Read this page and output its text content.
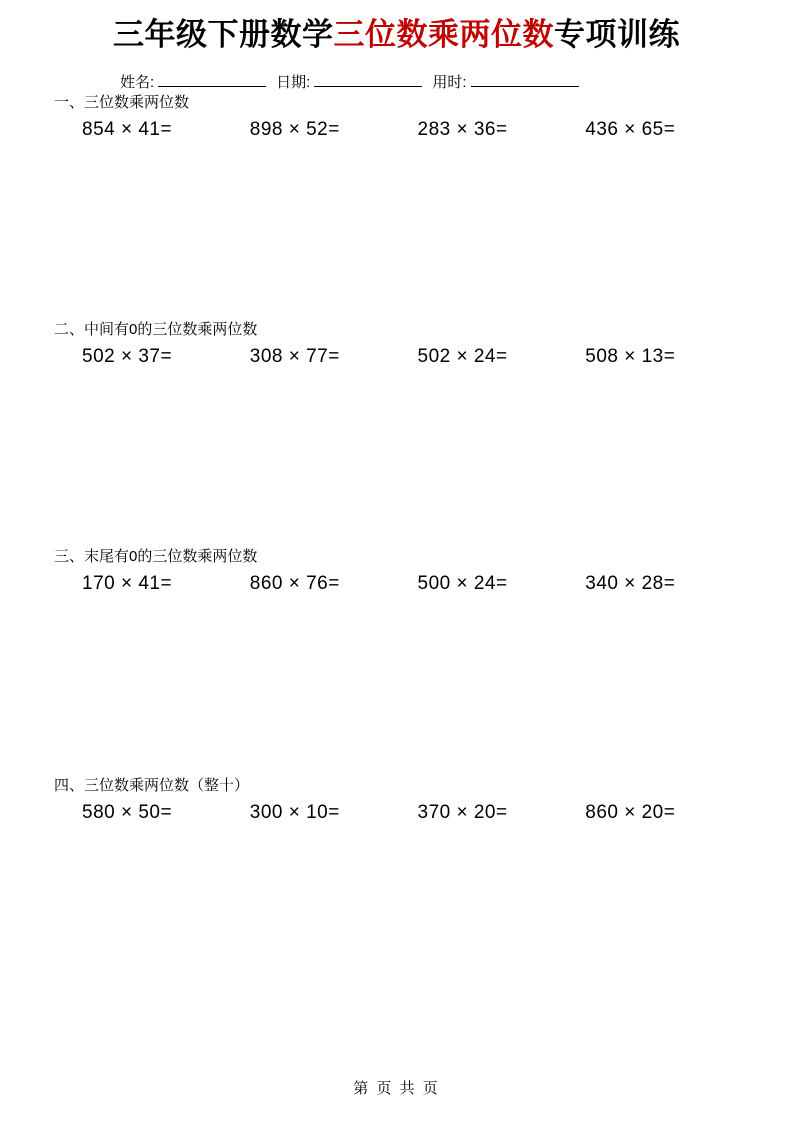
三年级下册数学三位数乘两位数专项训练
姓名:	日期:	用时:

一、三位数乘两位数

854 × 41=	898 × 52=	283 × 36=	436 × 65=

二、中间有0的三位数乘两位数

502 × 37=	308 × 77=	502 × 24=	508 × 13=

三、末尾有0的三位数乘两位数

170 × 41=	860 × 76=	500 × 24=	340 × 28=

四、三位数乘两位数（整十）

580 × 50=	300 × 10=	370 × 20=	860 × 20=
第 页 共 页
